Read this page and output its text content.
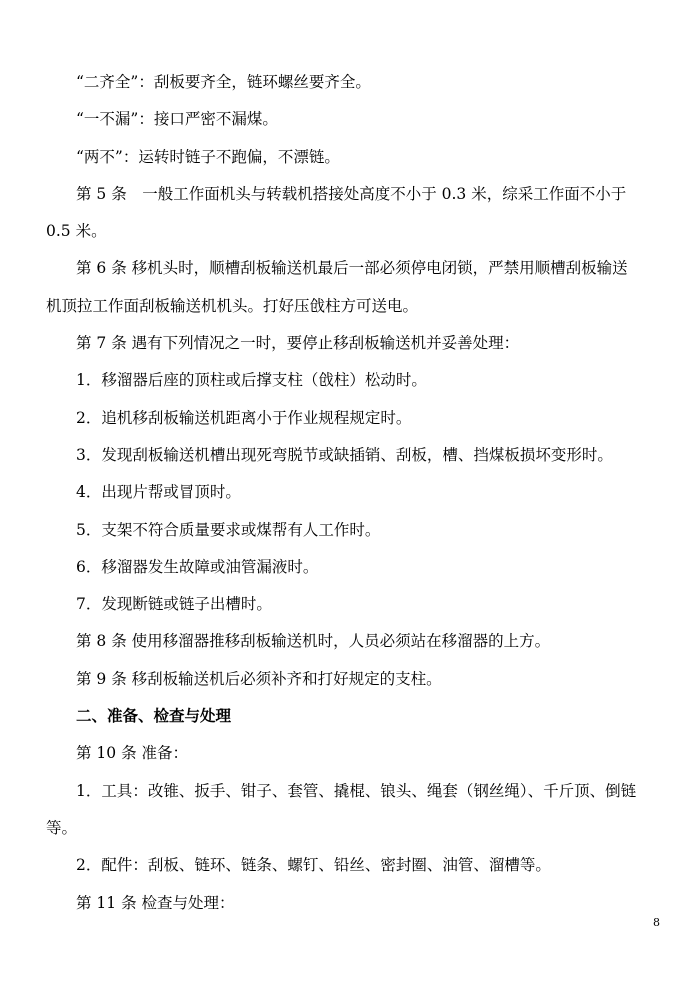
“二齐全”：刮板要齐全，链环螺丝要齐全。
“一不漏”：接口严密不漏煤。
“两不”：运转时链子不跑偏，不漂链。
第 5 条　一般工作面机头与转载机搭接处高度不小于 0.3 米，综采工作面不小于
0.5 米。
第 6 条 移机头时，顺槽刮板输送机最后一部必须停电闭锁，严禁用顺槽刮板输送
机顶拉工作面刮板输送机机头。打好压戗柱方可送电。
第 7 条 遇有下列情况之一时，要停止移刮板输送机并妥善处理：
1．移溜器后座的顶柱或后撑支柱（戗柱）松动时。
2．追机移刮板输送机距离小于作业规程规定时。
3．发现刮板输送机槽出现死弯脱节或缺插销、刮板，槽、挡煤板损坏变形时。
4．出现片帮或冒顶时。
5．支架不符合质量要求或煤帮有人工作时。
6．移溜器发生故障或油管漏液时。
7．发现断链或链子出槽时。
第 8 条 使用移溜器推移刮板输送机时，人员必须站在移溜器的上方。
第 9 条 移刮板输送机后必须补齐和打好规定的支柱。
二、准备、检查与处理
第 10 条 准备：
1．工具：改锥、扳手、钳子、套管、撬棍、锒头、绳套（钢丝绳）、千斤顶、倒链
等。
2．配件：刮板、链环、链条、螺钉、铅丝、密封圈、油管、溜槽等。
第 11 条 检查与处理：
8
